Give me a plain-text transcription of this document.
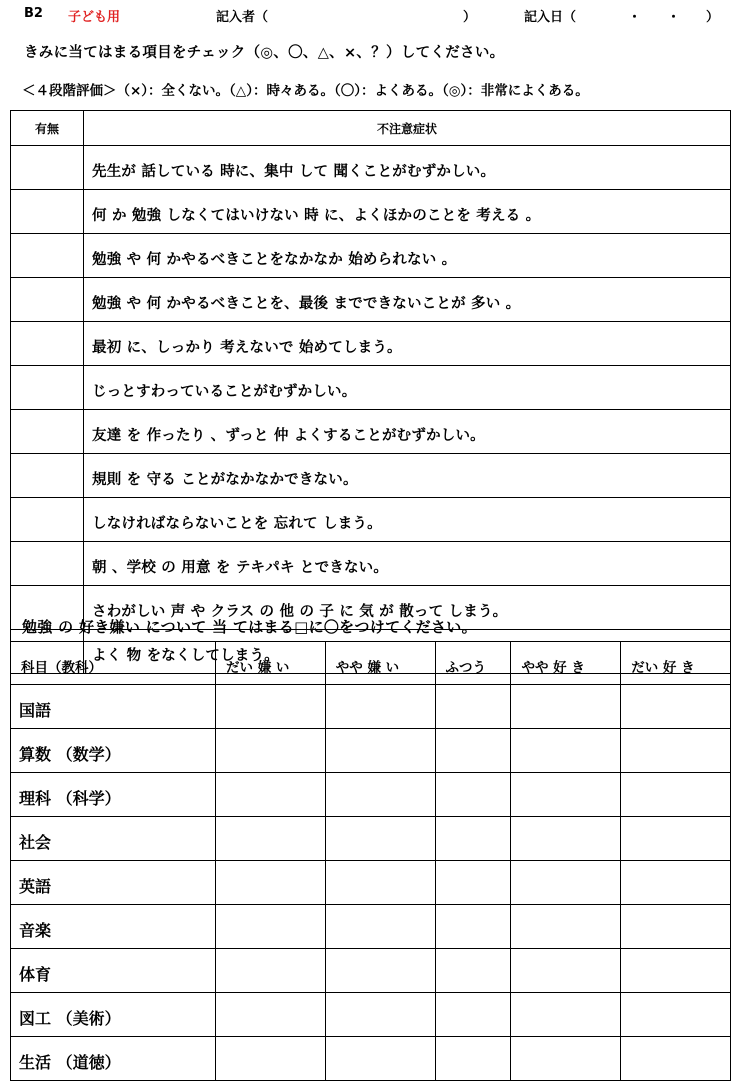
B2 子ども用	記入者（　　　　　　　　　　　　　　　）	記入日（　　　　・　　・　　）
きみに当てはまる項目をチェック（◎、〇、△、×、？）してください。
＜４段階評価＞（×）：全くない。（△）：時々ある。（〇）：よくある。（◎）：非常によくある。
有無	不注意症状
	先生が 話している 時に、集中 して 聞くことがむずかしい。
	何 か 勉強 しなくてはいけない 時 に、よくほかのことを 考える 。
	勉強 や 何 かやるべきことをなかなか 始められない 。
	勉強 や 何 かやるべきことを、最後 までできないことが 多い 。
	最初 に、しっかり 考えないで 始めてしまう。
	じっとすわっていることがむずかしい。
	友達 を 作ったり 、ずっと 仲 よくすることがむずかしい。
	規則 を 守る ことがなかなかできない。
	しなければならないことを 忘れて しまう。
	朝 、学校 の 用意 を テキパキ とできない。
	さわがしい 声 や クラス の 他 の 子 に 気 が 散って しまう。
	よく 物 をなくしてしまう。
勉強 の 好き嫌い について 当 てはまる□に〇をつけてください。
科目（教科）	だい 嫌 い	やや 嫌 い	ふつう	やや 好 き	だい 好 き
国語					
算数 （数学）					
理科 （科学）					
社会					
英語					
音楽					
体育					
図工 （美術）					
生活 （道徳）					
